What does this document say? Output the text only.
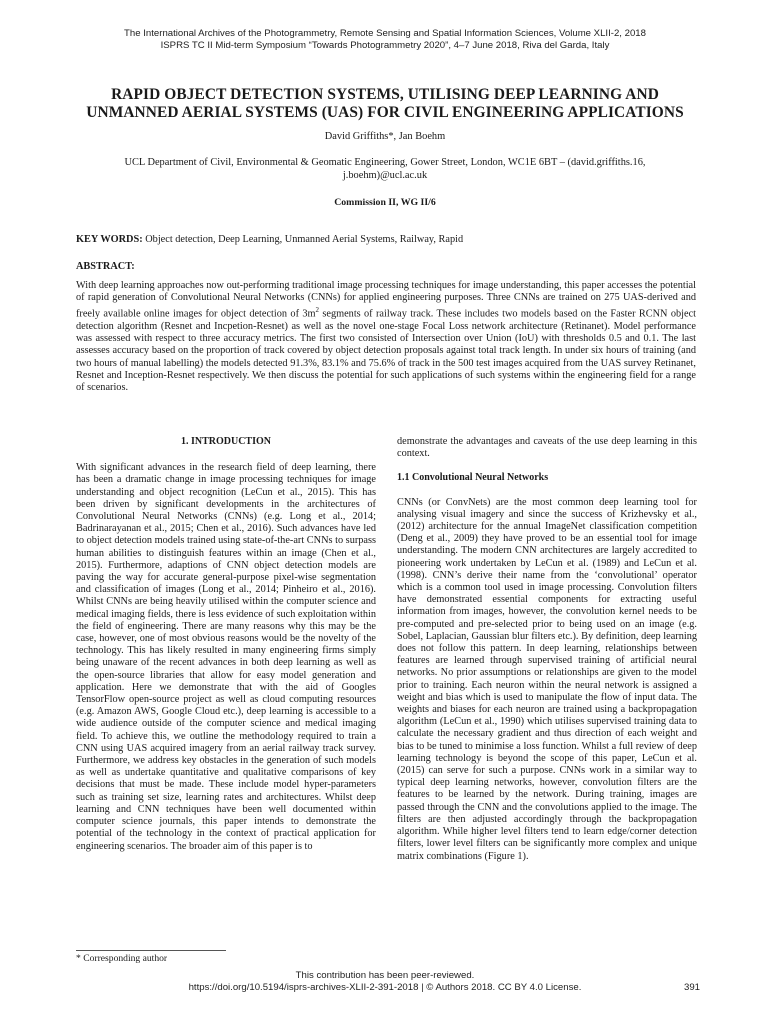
The International Archives of the Photogrammetry, Remote Sensing and Spatial Information Sciences, Volume XLII-2, 2018
ISPRS TC II Mid-term Symposium “Towards Photogrammetry 2020”, 4–7 June 2018, Riva del Garda, Italy
RAPID OBJECT DETECTION SYSTEMS, UTILISING DEEP LEARNING AND
UNMANNED AERIAL SYSTEMS (UAS) FOR CIVIL ENGINEERING APPLICATIONS
David Griffiths*, Jan Boehm
UCL Department of Civil, Environmental & Geomatic Engineering, Gower Street, London, WC1E 6BT – (david.griffiths.16,
j.boehm)@ucl.ac.uk
Commission II, WG II/6
KEY WORDS: Object detection, Deep Learning, Unmanned Aerial Systems, Railway, Rapid
ABSTRACT:
With deep learning approaches now out-performing traditional image processing techniques for image understanding, this paper accesses the potential of rapid generation of Convolutional Neural Networks (CNNs) for applied engineering purposes. Three CNNs are trained on 275 UAS-derived and freely available online images for object detection of $3m^2$ segments of railway track. These includes two models based on the Faster RCNN object detection algorithm (Resnet and Incpetion-Resnet) as well as the novel one-stage Focal Loss network architecture (Retinanet). Model performance was assessed with respect to three accuracy metrics. The first two consisted of Intersection over Union (IoU) with thresholds 0.5 and 0.1. The last assesses accuracy based on the proportion of track covered by object detection proposals against total track length. In under six hours of training (and two hours of manual labelling) the models detected 91.3%, 83.1% and 75.6% of track in the 500 test images acquired from the UAS survey Retinanet, Resnet and Inception-Resnet respectively. We then discuss the potential for such applications of such systems within the engineering field for a range of scenarios.
1. INTRODUCTION

With significant advances in the research field of deep learning, there has been a dramatic change in image processing techniques for image understanding and object recognition (LeCun et al., 2015). This has been driven by significant developments in the architectures of Convolutional Neural Networks (CNNs) (e.g. Long et al., 2014; Badrinarayanan et al., 2015; Chen et al., 2016). Such advances have led to object detection models trained using state-of-the-art CNNs to surpass human abilities to distinguish features within an image (Chen et al., 2015). Furthermore, adaptions of CNN object detection models are paving the way for accurate general-purpose pixel-wise segmentation and classification of images (Long et al., 2014; Pinheiro et al., 2016). Whilst CNNs are being heavily utilised within the computer science and medical imaging fields, there is less evidence of such exploitation within the field of engineering. There are many reasons why this may be the case, however, one of most obvious reasons would be the novelty of the technology. This has likely resulted in many engineering firms simply being unaware of the recent advances in both deep learning as well as the open-source libraries that allow for easy model generation and application. Here we demonstrate that with the aid of Googles TensorFlow open-source project as well as cloud computing resources (e.g. Amazon AWS, Google Cloud etc.), deep learning is accessible to a wide audience outside of the computer science and medical imaging field. To achieve this, we outline the methodology required to train a CNN using UAS acquired imagery from an aerial railway track survey. Furthermore, we address key obstacles in the generation of such models as well as undertake quantitative and qualitative comparisons of key decisions that must be made. These include model hyper-parameters such as training set size, learning rates and architectures. Whilst deep learning and CNN techniques have been well documented within computer science journals, this paper intends to demonstrate the potential of the technology in the context of practical application for engineering scenarios. The broader aim of this paper is to

demonstrate the advantages and caveats of the use deep learning in this context.

1.1 Convolutional Neural Networks

CNNs (or ConvNets) are the most common deep learning tool for analysing visual imagery and since the success of Krizhevsky et al., (2012) architecture for the annual ImageNet classification competition (Deng et al., 2009) they have proved to be an essential tool for image understanding. The modern CNN architectures are largely accredited to pioneering work undertaken by LeCun et al. (1989) and LeCun et al. (1998). CNN’s derive their name from the ‘convolutional’ operator which is a common tool used in image processing. Convolution filters have demonstrated essential components for extracting useful information from images, however, the convolution kernel needs to be pre-computed and pre-selected prior to being used on an image (e.g. Sobel, Laplacian, Gaussian blur filters etc.). By definition, deep learning does not follow this pattern. In deep learning, relationships between features are learned through supervised training of artificial neural networks. No prior assumptions or relationships are given to the model prior to training. Each neuron within the neural network is assigned a weight and bias which is used to manipulate the flow of input data. The weights and biases for each neuron are trained using a backpropagation algorithm (LeCun et al., 1990) which utilises supervised training data to calculate the necessary gradient and thus direction of each weight and bias to be tuned to minimise a loss function. Whilst a full review of deep learning technology is beyond the scope of this paper, LeCun et al. (2015) can serve for such a purpose. CNNs work in a similar way to typical deep learning networks, however, convolution filters are the features to be learned by the network. During training, images are passed through the CNN and the convolutions applied to the image. The filters are then adjusted accordingly through the backpropagation algorithm. While higher level filters tend to learn edge/corner detection filters, lower level filters can be significantly more complex and unique matrix combinations (Figure 1).

* Corresponding author
This contribution has been peer-reviewed.
https://doi.org/10.5194/isprs-archives-XLII-2-391-2018 | © Authors 2018. CC BY 4.0 License.	391
